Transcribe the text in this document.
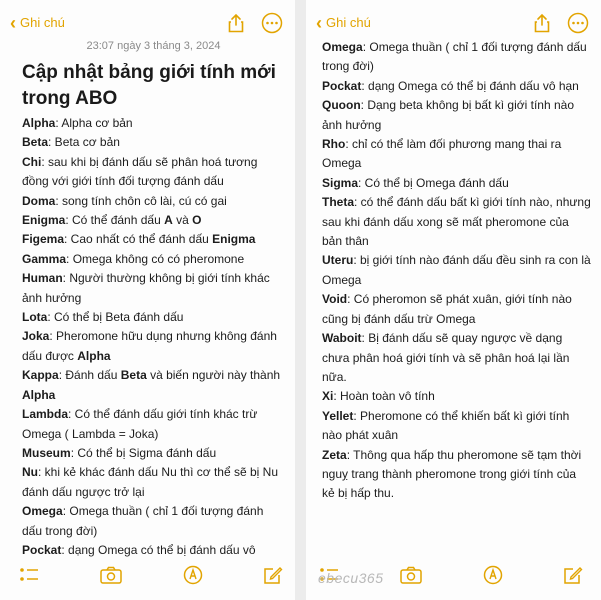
‹ Ghi chú
23:07 ngày 3 tháng 3, 2024
Cập nhật bảng giới tính mới trong ABO
Alpha: Alpha cơ bản
Beta: Beta cơ bản
Chi: sau khi bị đánh dấu sẽ phân hoá tương đồng với giới tính đối tượng đánh dấu
Doma: song tính chôn cô lài, cú có gai
Enigma: Có thể đánh dấu A và O
Figema: Cao nhất có thể đánh dấu Enigma
Gamma: Omega không có có pheromone
Human: Người thường không bị giới tính khác ảnh hưởng
Lota: Có thể bị Beta đánh dấu
Joka: Pheromone hữu dụng nhưng không đánh dấu được Alpha
Kappa: Đánh dấu Beta và biến người này thành Alpha
Lambda: Có thể đánh dấu giới tính khác trừ Omega ( Lambda = Joka)
Museum: Có thể bị Sigma đánh dấu
Nu: khi kẻ khác đánh dấu Nu thì cơ thể sẽ bị Nu đánh dấu ngược trở lại
Omega: Omega thuần ( chỉ 1 đối tượng đánh dấu trong đời)
Pockat: dạng Omega có thể bị đánh dấu vô
‹ Ghi chú
Omega: Omega thuần ( chỉ 1 đối tượng đánh dấu trong đời)
Pockat: dạng Omega có thể bị đánh dấu vô hạn
Quoon: Dạng beta không bị bất kì giới tính nào ảnh hưởng
Rho: chỉ có thể làm đối phương mang thai ra Omega
Sigma: Có thể bị Omega đánh dấu
Theta: có thể đánh dấu bất kì giới tính nào, nhưng sau khi đánh dấu xong sẽ mất pheromone của bản thân
Uteru: bị giới tính nào đánh dấu đều sinh ra con là Omega
Void: Có pheromon sẽ phát xuân, giới tính nào cũng bị đánh dấu trừ Omega
Waboit: Bị đánh dấu sẽ quay ngược về dạng chưa phân hoá giới tính và sẽ phân hoá lại lần nữa.
Xi: Hoàn toàn vô tính
Yellet: Pheromone có thể khiến bất kì giới tính nào phát xuân
Zeta: Thông qua hấp thu pheromone sẽ tạm thời nguỵ trang thành pheromone trong giới tính của kẻ bị hấp thu.
ebecu365
